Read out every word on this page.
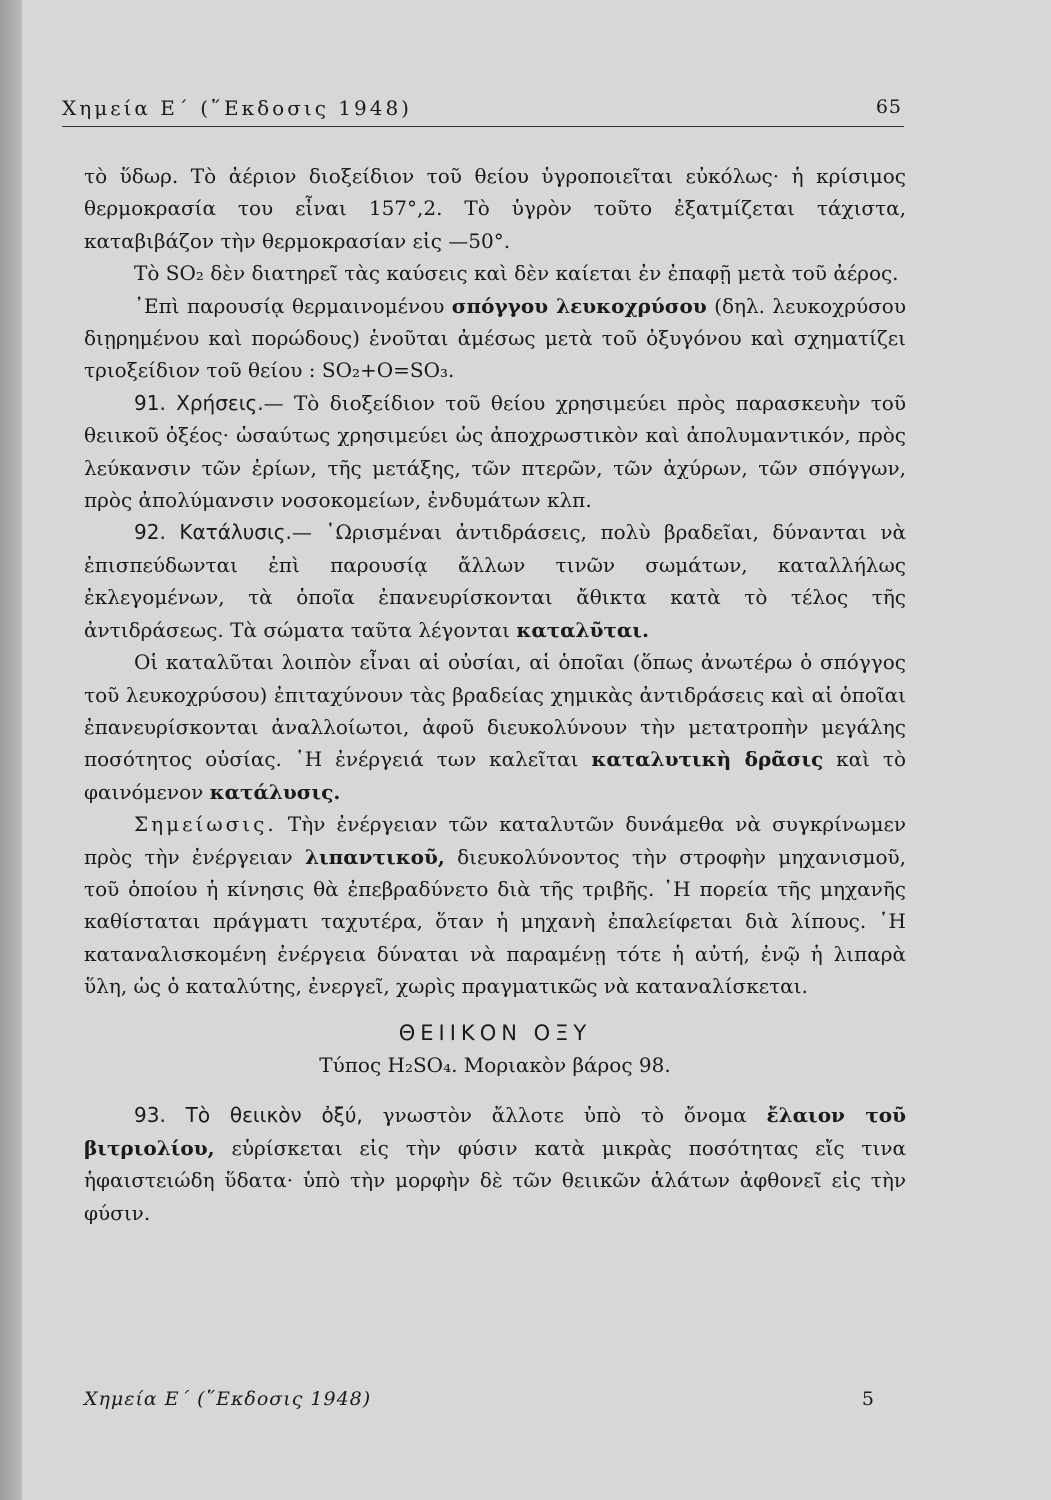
Χημεία Ε΄ (῞Εκδοσις 1948)	65

τὸ ὕδωρ. Τὸ ἀέριον διοξείδιον τοῦ θείου ὑγροποιεῖται εὐκόλως· ἡ κρίσιμος θερμοκρασία του εἶναι 157°,2. Τὸ ὑγρὸν τοῦτο ἐξατμίζεται τάχιστα, καταβιβάζον τὴν θερμοκρασίαν εἰς —50°.

Τὸ SO₂ δὲν διατηρεῖ τὰς καύσεις καὶ δὲν καίεται ἐν ἐπαφῇ μετὰ τοῦ ἀέρος.

᾿Επὶ παρουσίᾳ θερμαινομένου σπόγγου λευκοχρύσου (δηλ. λευκοχρύσου διῃρημένου καὶ πορώδους) ἑνοῦται ἀμέσως μετὰ τοῦ ὀξυγόνου καὶ σχηματίζει τριοξείδιον τοῦ θείου : SO₂+O=SO₃.

91. Χρήσεις.— Τὸ διοξείδιον τοῦ θείου χρησιμεύει πρὸς παρασκευὴν τοῦ θειικοῦ ὀξέος· ὡσαύτως χρησιμεύει ὡς ἀποχρωστικὸν καὶ ἀπολυμαντικόν, πρὸς λεύκανσιν τῶν ἐρίων, τῆς μετάξης, τῶν πτερῶν, τῶν ἀχύρων, τῶν σπόγγων, πρὸς ἀπολύμανσιν νοσοκομείων, ἐνδυμάτων κλπ.

92. Κατάλυσις.— ῾Ωρισμέναι ἀντιδράσεις, πολὺ βραδεῖαι, δύνανται νὰ ἐπισπεύδωνται ἐπὶ παρουσίᾳ ἄλλων τινῶν σωμάτων, καταλλήλως ἐκλεγομένων, τὰ ὁποῖα ἐπανευρίσκονται ἄθικτα κατὰ τὸ τέλος τῆς ἀντιδράσεως. Τὰ σώματα ταῦτα λέγονται καταλῦται.

Οἱ καταλῦται λοιπὸν εἶναι αἱ οὐσίαι, αἱ ὁποῖαι (ὅπως ἀνωτέρω ὁ σπόγγος τοῦ λευκοχρύσου) ἐπιταχύνουν τὰς βραδείας χημικὰς ἀντιδράσεις καὶ αἱ ὁποῖαι ἐπανευρίσκονται ἀναλλοίωτοι, ἀφοῦ διευκολύνουν τὴν μετατροπὴν μεγάλης ποσότητος οὐσίας. ῾Η ἐνέργειά των καλεῖται καταλυτικὴ δρᾶσις καὶ τὸ φαινόμενον κατάλυσις.

Σημείωσις. Τὴν ἐνέργειαν τῶν καταλυτῶν δυνάμεθα νὰ συγκρίνωμεν πρὸς τὴν ἐνέργειαν λιπαντικοῦ, διευκολύνοντος τὴν στροφὴν μηχανισμοῦ, τοῦ ὁποίου ἡ κίνησις θὰ ἐπεβραδύνετο διὰ τῆς τριβῆς. ῾Η πορεία τῆς μηχανῆς καθίσταται πράγματι ταχυτέρα, ὅταν ἡ μηχανὴ ἐπαλείφεται διὰ λίπους. ῾Η καταναλισκομένη ἐνέργεια δύναται νὰ παραμένῃ τότε ἡ αὐτή, ἐνῷ ἡ λιπαρὰ ὕλη, ὡς ὁ καταλύτης, ἐνεργεῖ, χωρὶς πραγματικῶς νὰ καταναλίσκεται.

ΘΕΙΙΚΟΝ ΟΞΥ

Τύπος H₂SO₄. Μοριακὸν βάρος 98.

93. Τὸ θειικὸν ὀξύ, γνωστὸν ἄλλοτε ὑπὸ τὸ ὄνομα ἔλαιον τοῦ βιτριολίου, εὑρίσκεται εἰς τὴν φύσιν κατὰ μικρὰς ποσότητας εἴς τινα ἡφαιστειώδη ὕδατα· ὑπὸ τὴν μορφὴν δὲ τῶν θειικῶν ἁλάτων ἀφθονεῖ εἰς τὴν φύσιν.

Χημεία Ε΄ (῞Εκδοσις 1948)	5
